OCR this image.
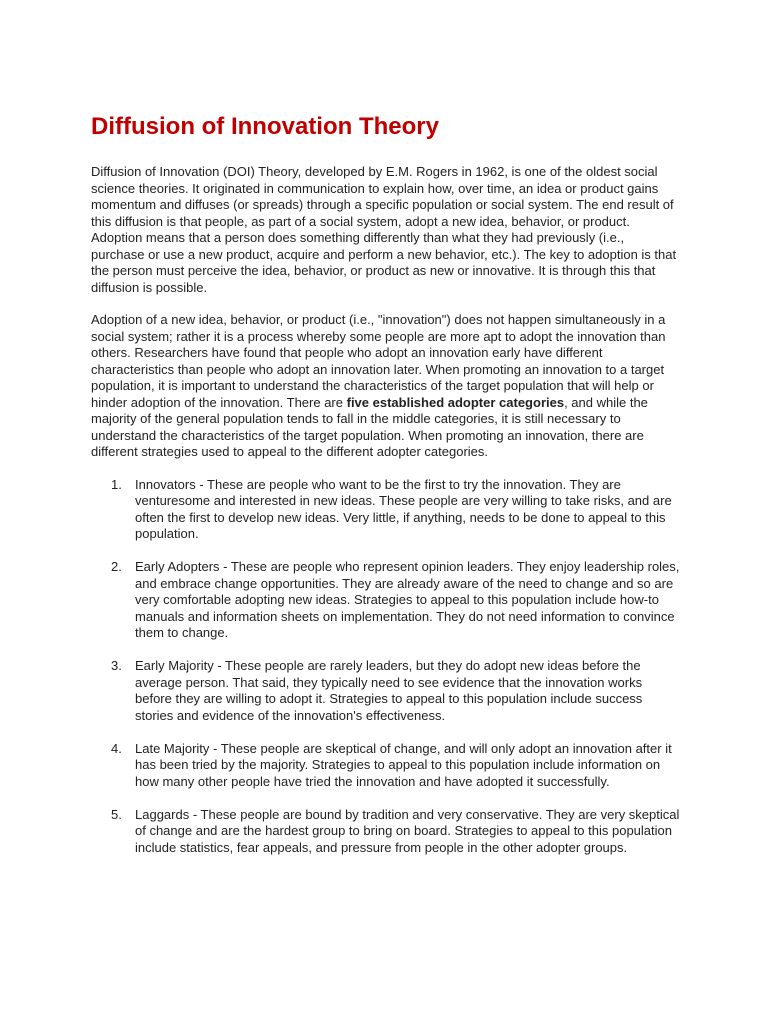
Diffusion of Innovation Theory

Diffusion of Innovation (DOI) Theory, developed by E.M. Rogers in 1962, is one of the oldest social science theories. It originated in communication to explain how, over time, an idea or product gains momentum and diffuses (or spreads) through a specific population or social system. The end result of this diffusion is that people, as part of a social system, adopt a new idea, behavior, or product. Adoption means that a person does something differently than what they had previously (i.e., purchase or use a new product, acquire and perform a new behavior, etc.). The key to adoption is that the person must perceive the idea, behavior, or product as new or innovative. It is through this that diffusion is possible.

Adoption of a new idea, behavior, or product (i.e., "innovation") does not happen simultaneously in a social system; rather it is a process whereby some people are more apt to adopt the innovation than others. Researchers have found that people who adopt an innovation early have different characteristics than people who adopt an innovation later. When promoting an innovation to a target population, it is important to understand the characteristics of the target population that will help or hinder adoption of the innovation. There are five established adopter categories, and while the majority of the general population tends to fall in the middle categories, it is still necessary to understand the characteristics of the target population. When promoting an innovation, there are different strategies used to appeal to the different adopter categories.

1. Innovators - These are people who want to be the first to try the innovation. They are venturesome and interested in new ideas. These people are very willing to take risks, and are often the first to develop new ideas. Very little, if anything, needs to be done to appeal to this population.
2. Early Adopters - These are people who represent opinion leaders. They enjoy leadership roles, and embrace change opportunities. They are already aware of the need to change and so are very comfortable adopting new ideas. Strategies to appeal to this population include how-to manuals and information sheets on implementation. They do not need information to convince them to change.
3. Early Majority - These people are rarely leaders, but they do adopt new ideas before the average person. That said, they typically need to see evidence that the innovation works before they are willing to adopt it. Strategies to appeal to this population include success stories and evidence of the innovation's effectiveness.
4. Late Majority - These people are skeptical of change, and will only adopt an innovation after it has been tried by the majority. Strategies to appeal to this population include information on how many other people have tried the innovation and have adopted it successfully.
5. Laggards - These people are bound by tradition and very conservative. They are very skeptical of change and are the hardest group to bring on board. Strategies to appeal to this population include statistics, fear appeals, and pressure from people in the other adopter groups.
